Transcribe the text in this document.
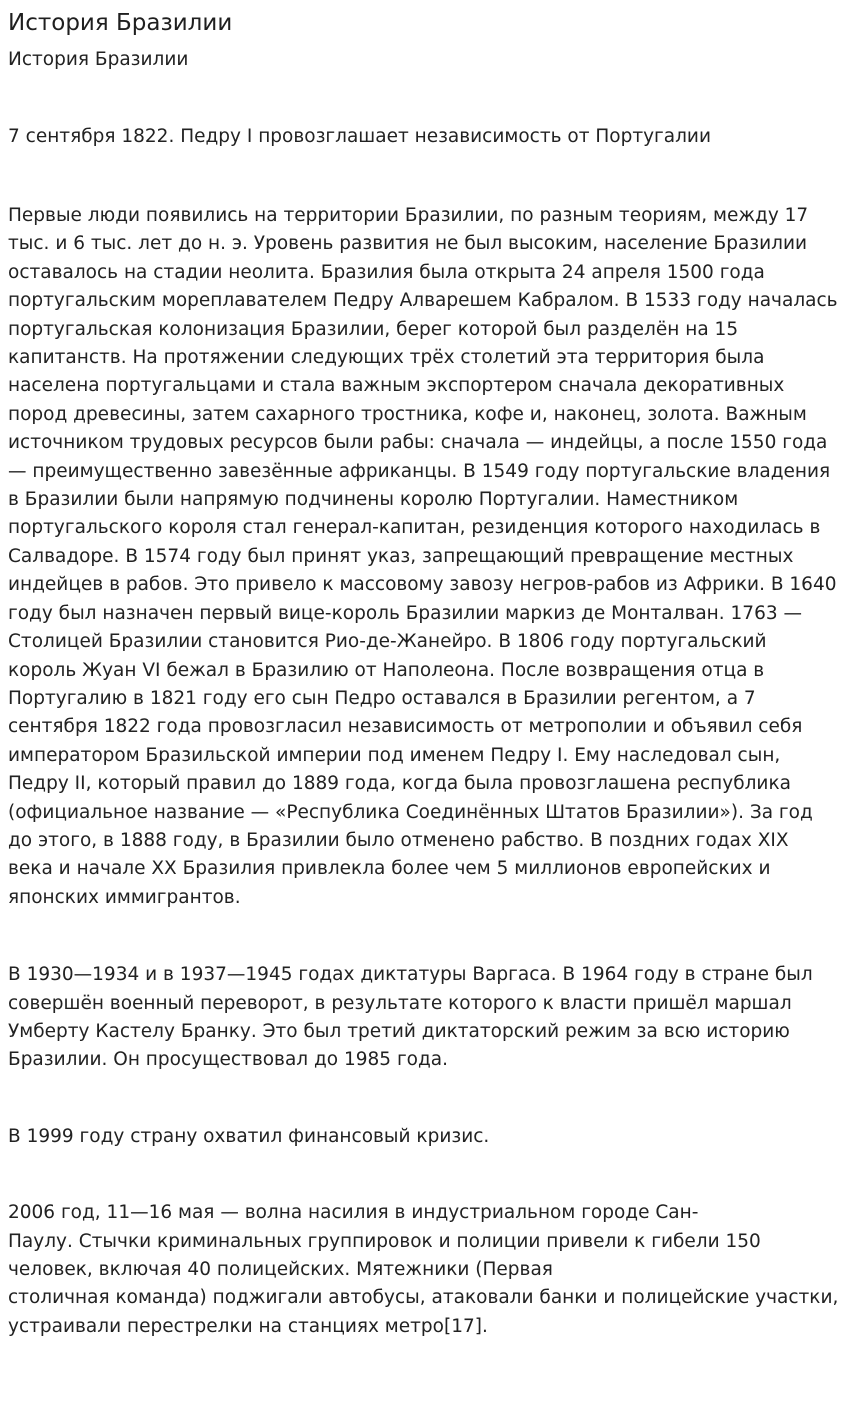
История Бразилии
История Бразилии

7 сентября 1822. Педру I провозглашает независимость от Португалии

Первые люди появились на территории Бразилии, по разным теориям, между 17 тыс. и 6 тыс. лет до н. э. Уровень развития не был высоким, население Бразилии оставалось на стадии неолита. Бразилия была открыта 24 апреля 1500 года португальским мореплавателем Педру Алварешем Кабралом. В 1533 году началась португальская колонизация Бразилии, берег которой был разделён на 15 капитанств. На протяжении следующих трёх столетий эта территория была населена португальцами и стала важным экспортером сначала декоративных пород древесины, затем сахарного тростника, кофе и, наконец, золота. Важным источником трудовых ресурсов были рабы: сначала — индейцы, а после 1550 года — преимущественно завезённые африканцы. В 1549 году португальские владения в Бразилии были напрямую подчинены королю Португалии. Наместником португальского короля стал генерал-капитан, резиденция которого находилась в Салвадоре. В 1574 году был принят указ, запрещающий превращение местных индейцев в рабов. Это привело к массовому завозу негров-рабов из Африки. В 1640 году был назначен первый вице-король Бразилии маркиз де Монталван. 1763 — Столицей Бразилии становится Рио-де-Жанейро. В 1806 году португальский король Жуан VI бежал в Бразилию от Наполеона. После возвращения отца в Португалию в 1821 году его сын Педро оставался в Бразилии регентом, а 7 сентября 1822 года провозгласил независимость от метрополии и объявил себя императором Бразильской империи под именем Педру I. Ему наследовал сын, Педру II, который правил до 1889 года, когда была провозглашена республика (официальное название — «Республика Соединённых Штатов Бразилии»). За год до этого, в 1888 году, в Бразилии было отменено рабство. В поздних годах XIX века и начале XX Бразилия привлекла более чем 5 миллионов европейских и японских иммигрантов.

В 1930—1934 и в 1937—1945 годах диктатуры Варгаса. В 1964 году в стране был совершён военный переворот, в результате которого к власти пришёл маршал Умберту Кастелу Бранку. Это был третий диктаторский режим за всю историю Бразилии. Он просуществовал до 1985 года.

В 1999 году страну охватил финансовый кризис.

2006 год, 11—16 мая — волна насилия в индустриальном городе Сан-
Паулу. Стычки криминальных группировок и полиции привели к гибели 150 человек, включая 40 полицейских. Мятежники (Первая
столичная команда) поджигали автобусы, атаковали банки и полицейские участки, устраивали перестрелки на станциях метро[17].
